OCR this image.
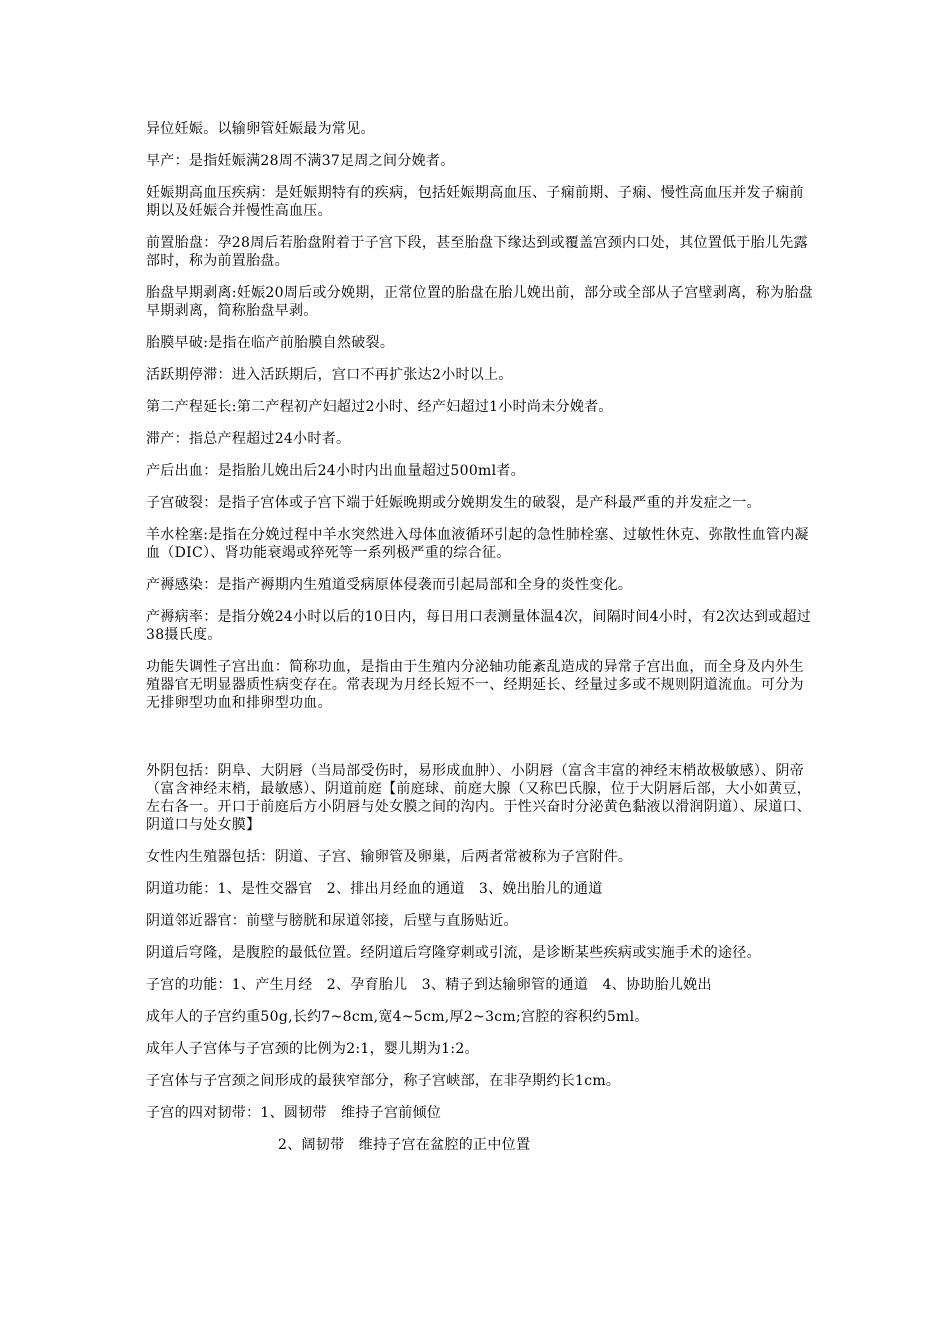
异位妊娠。以输卵管妊娠最为常见。

早产：是指妊娠满28周不满37足周之间分娩者。

妊娠期高血压疾病：是妊娠期特有的疾病，包括妊娠期高血压、子痫前期、子痫、慢性高血压并发子痫前期以及妊娠合并慢性高血压。

前置胎盘：孕28周后若胎盘附着于子宫下段，甚至胎盘下缘达到或覆盖宫颈内口处，其位置低于胎儿先露部时，称为前置胎盘。

胎盘早期剥离:妊娠20周后或分娩期，正常位置的胎盘在胎儿娩出前，部分或全部从子宫壁剥离，称为胎盘早期剥离，简称胎盘早剥。

胎膜早破:是指在临产前胎膜自然破裂。

活跃期停滞：进入活跃期后，宫口不再扩张达2小时以上。

第二产程延长:第二产程初产妇超过2小时、经产妇超过1小时尚未分娩者。

滞产：指总产程超过24小时者。

产后出血：是指胎儿娩出后24小时内出血量超过500ml者。

子宫破裂：是指子宫体或子宫下端于妊娠晚期或分娩期发生的破裂，是产科最严重的并发症之一。

羊水栓塞:是指在分娩过程中羊水突然进入母体血液循环引起的急性肺栓塞、过敏性休克、弥散性血管内凝血（DIC）、肾功能衰竭或猝死等一系列极严重的综合征。

产褥感染：是指产褥期内生殖道受病原体侵袭而引起局部和全身的炎性变化。

产褥病率：是指分娩24小时以后的10日内，每日用口表测量体温4次，间隔时间4小时，有2次达到或超过38摄氏度。

功能失调性子宫出血：简称功血，是指由于生殖内分泌轴功能紊乱造成的异常子宫出血，而全身及内外生殖器官无明显器质性病变存在。常表现为月经长短不一、经期延长、经量过多或不规则阴道流血。可分为无排卵型功血和排卵型功血。

外阴包括：阴阜、大阴唇（当局部受伤时，易形成血肿）、小阴唇（富含丰富的神经末梢故极敏感）、阴帝（富含神经末梢，最敏感）、阴道前庭【前庭球、前庭大腺（又称巴氏腺，位于大阴唇后部，大小如黄豆，左右各一。开口于前庭后方小阴唇与处女膜之间的沟内。于性兴奋时分泌黄色黏液以滑润阴道）、尿道口、阴道口与处女膜】

女性内生殖器包括：阴道、子宫、输卵管及卵巢，后两者常被称为子宫附件。

阴道功能：1、是性交器官   2、排出月经血的通道   3、娩出胎儿的通道

阴道邻近器官：前壁与膀胱和尿道邻接，后壁与直肠贴近。

阴道后穹隆，是腹腔的最低位置。经阴道后穹隆穿刺或引流，是诊断某些疾病或实施手术的途径。

子宫的功能：1、产生月经   2、孕育胎儿   3、精子到达输卵管的通道   4、协助胎儿娩出

成年人的子宫约重50g,长约7~8cm,宽4~5cm,厚2~3cm;宫腔的容积约5ml。

成年人子宫体与子宫颈的比例为2:1，婴儿期为1:2。

子宫体与子宫颈之间形成的最狭窄部分，称子宫峡部，在非孕期约长1cm。

子宫的四对韧带：1、圆韧带   维持子宫前倾位

2、阔韧带   维持子宫在盆腔的正中位置
